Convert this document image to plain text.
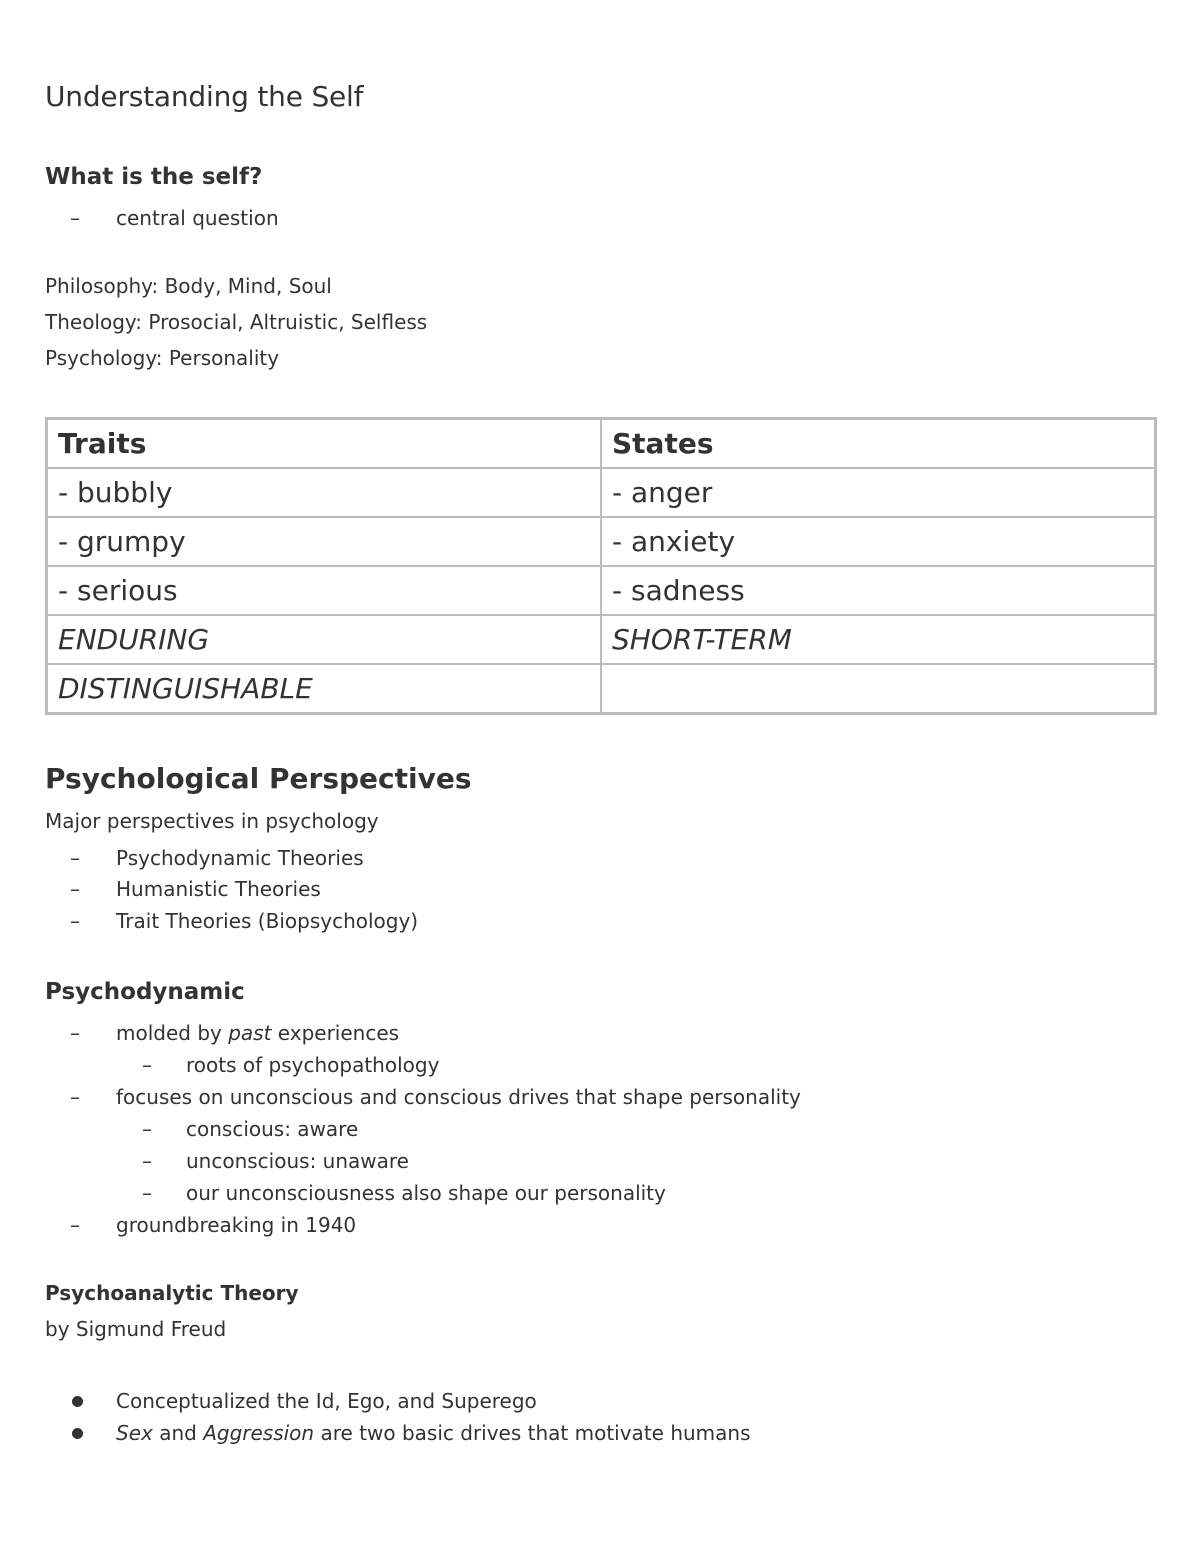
Understanding the Self
What is the self?
– central question
Philosophy: Body, Mind, Soul
Theology: Prosocial, Altruistic, Selfless
Psychology: Personality
Traits	States
- bubbly	- anger
- grumpy	- anxiety
- serious	- sadness
ENDURING	SHORT-TERM
DISTINGUISHABLE	
Psychological Perspectives
Major perspectives in psychology
– Psychodynamic Theories
– Humanistic Theories
– Trait Theories (Biopsychology)
Psychodynamic
– molded by past experiences
– roots of psychopathology
– focuses on unconscious and conscious drives that shape personality
– conscious: aware
– unconscious: unaware
– our unconsciousness also shape our personality
– groundbreaking in 1940
Psychoanalytic Theory
by Sigmund Freud
Conceptualized the Id, Ego, and Superego
Sex and Aggression are two basic drives that motivate humans
